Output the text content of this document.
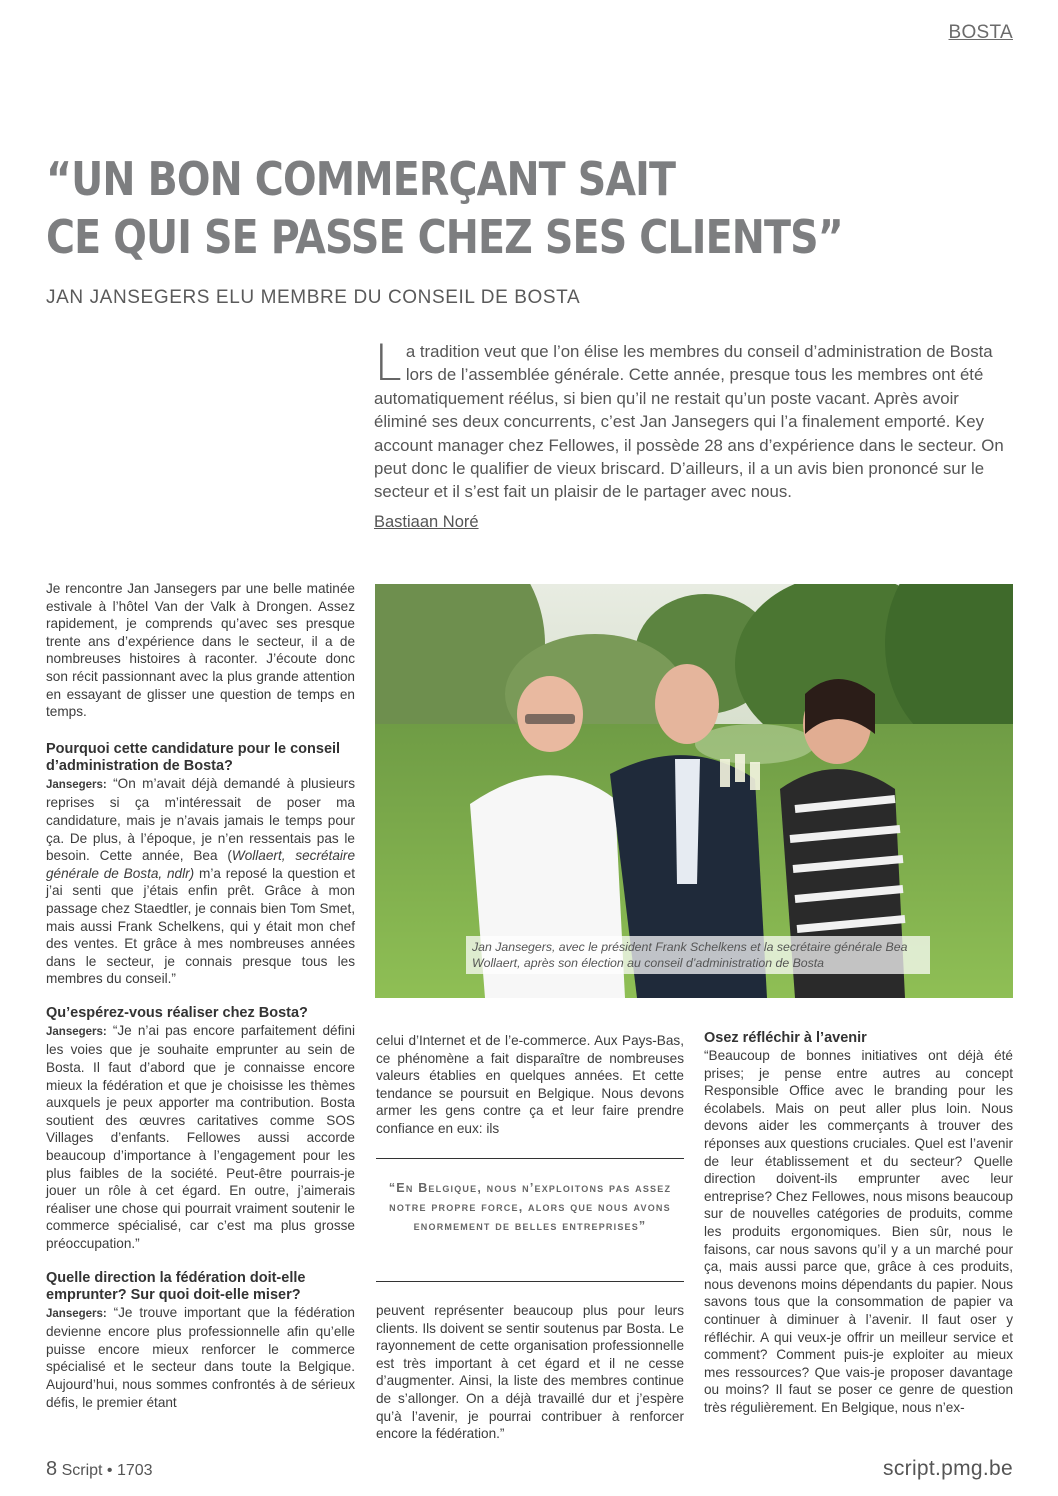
BOSTA
“UN BON COMMERÇANT SAIT
CE QUI SE PASSE CHEZ SES CLIENTS”
JAN JANSEGERS ELU MEMBRE DU CONSEIL DE BOSTA

La tradition veut que l’on élise les membres du conseil d’administration de Bosta lors de l’assemblée générale. Cette année, presque tous les membres ont été automatiquement réélus, si bien qu’il ne restait qu’un poste vacant. Après avoir éliminé ses deux concurrents, c’est Jan Jansegers qui l’a finalement emporté. Key account manager chez Fellowes, il possède 28 ans d’expérience dans le secteur. On peut donc le qualifier de vieux briscard. D’ailleurs, il a un avis bien prononcé sur le secteur et il s’est fait un plaisir de le partager avec nous.

Bastiaan Noré

Je rencontre Jan Jansegers par une belle matinée estivale à l’hôtel Van der Valk à Drongen. Assez rapidement, je comprends qu’avec ses presque trente ans d’expérience dans le secteur, il a de nombreuses histoires à raconter. J’écoute donc son récit passionnant avec la plus grande attention en essayant de glisser une question de temps en temps.

Pourquoi cette candidature pour le conseil d’administration de Bosta?

Jansegers: “On m’avait déjà demandé à plusieurs reprises si ça m’intéressait de poser ma candidature, mais je n’avais jamais le temps pour ça. De plus, à l’époque, je n’en ressentais pas le besoin. Cette année, Bea (Wollaert, secrétaire générale de Bosta, ndlr) m’a reposé la question et j’ai senti que j’étais enfin prêt. Grâce à mon passage chez Staedtler, je connais bien Tom Smet, mais aussi Frank Schelkens, qui y était mon chef des ventes. Et grâce à mes nombreuses années dans le secteur, je connais presque tous les membres du conseil.”

Qu’espérez-vous réaliser chez Bosta?

Jansegers: “Je n’ai pas encore parfaitement défini les voies que je souhaite emprunter au sein de Bosta. Il faut d’abord que je connaisse encore mieux la fédération et que je choisisse les thèmes auxquels je peux apporter ma contribution. Bosta soutient des œuvres caritatives comme SOS Villages d’enfants. Fellowes aussi accorde beaucoup d’importance à l’engagement pour les plus faibles de la société. Peut-être pourrais-je jouer un rôle à cet égard. En outre, j’aimerais réaliser une chose qui pourrait vraiment soutenir le commerce spécialisé, car c’est ma plus grosse préoccupation.”

Quelle direction la fédération doit-elle emprunter? Sur quoi doit-elle miser?

Jansegers: “Je trouve important que la fédération devienne encore plus professionnelle afin qu’elle puisse encore mieux renforcer le commerce spécialisé et le secteur dans toute la Belgique. Aujourd’hui, nous sommes confrontés à de sérieux défis, le premier étant

Jan Jansegers, avec le président Frank Schelkens et la secrétaire générale Bea Wollaert, après son élection au conseil d’administration de Bosta

celui d’Internet et de l’e-commerce. Aux Pays-Bas, ce phénomène a fait disparaître de nombreuses valeurs établies en quelques années. Et cette tendance se poursuit en Belgique. Nous devons armer les gens contre ça et leur faire prendre confiance en eux: ils

“En Belgique, nous n’exploitons pas assez notre propre force, alors que nous avons enormement de belles entreprises”

peuvent représenter beaucoup plus pour leurs clients. Ils doivent se sentir soutenus par Bosta. Le rayonnement de cette organisation professionnelle est très important à cet égard et il ne cesse d’augmenter. Ainsi, la liste des membres continue de s’allonger. On a déjà travaillé dur et j’espère qu’à l’avenir, je pourrai contribuer à renforcer encore la fédération.”

Osez réfléchir à l’avenir

“Beaucoup de bonnes initiatives ont déjà été prises; je pense entre autres au concept Responsible Office avec le branding pour les écolabels. Mais on peut aller plus loin. Nous devons aider les commerçants à trouver des réponses aux questions cruciales. Quel est l’avenir de leur établissement et du secteur? Quelle direction doivent-ils emprunter avec leur entreprise? Chez Fellowes, nous misons beaucoup sur de nouvelles catégories de produits, comme les produits ergonomiques. Bien sûr, nous le faisons, car nous savons qu’il y a un marché pour ça, mais aussi parce que, grâce à ces produits, nous devenons moins dépendants du papier. Nous savons tous que la consommation de papier va continuer à diminuer à l’avenir. Il faut oser y réfléchir. A qui veux-je offrir un meilleur service et comment? Comment puis-je exploiter au mieux mes ressources? Que vais-je proposer davantage ou moins? Il faut se poser ce genre de question très régulièrement. En Belgique, nous n’ex-

8 Script • 1703	script.pmg.be
